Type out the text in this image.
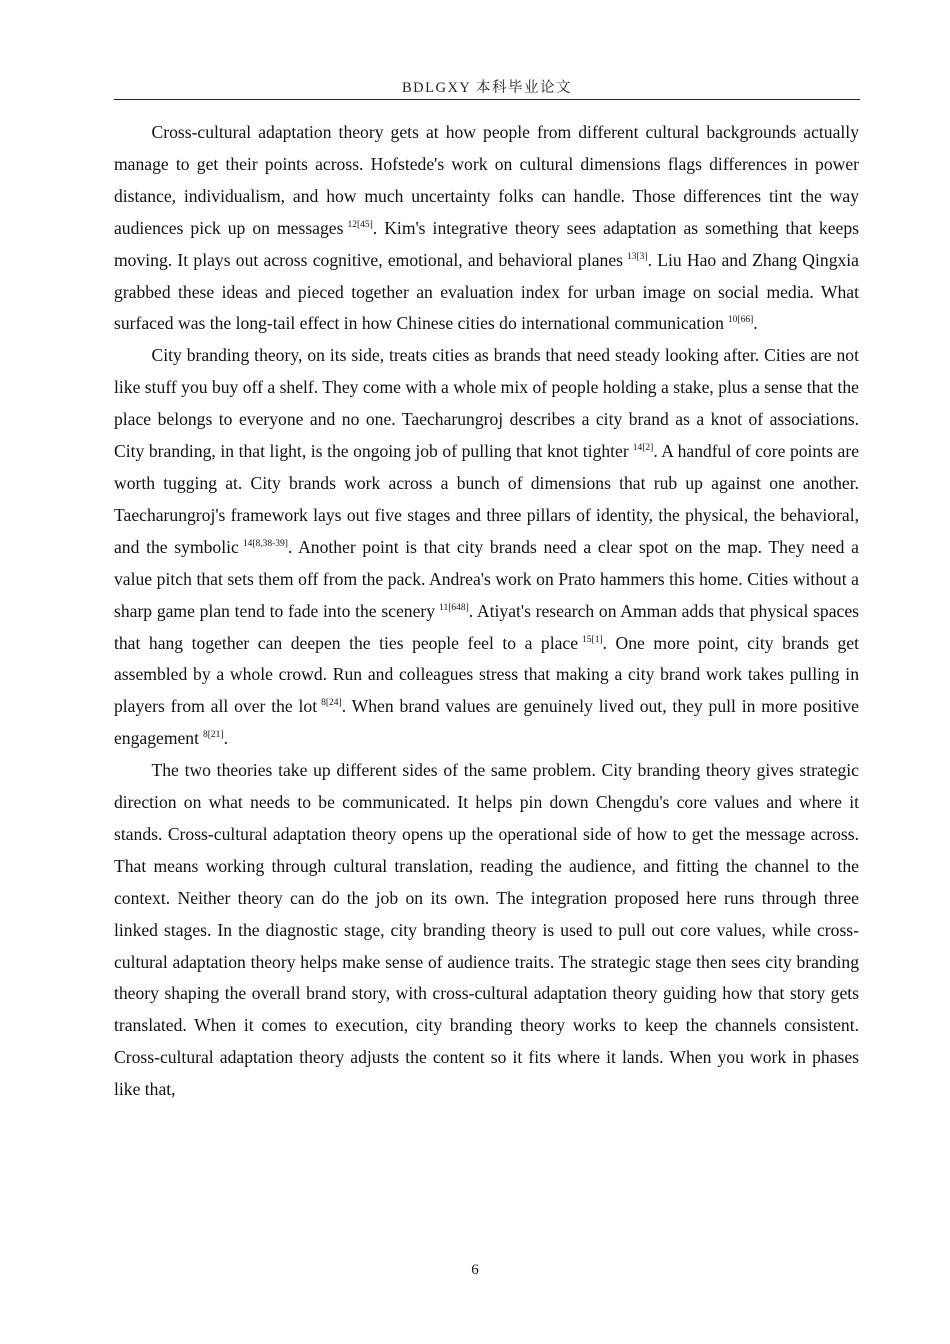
BDLGXY 本科毕业论文

Cross-cultural adaptation theory gets at how people from different cultural backgrounds actually manage to get their points across. Hofstede's work on cultural dimensions flags differences in power distance, individualism, and how much uncertainty folks can handle. Those differences tint the way audiences pick up on messages $^{12[45]}$. Kim's integrative theory sees adaptation as something that keeps moving. It plays out across cognitive, emotional, and behavioral planes $^{13[3]}$. Liu Hao and Zhang Qingxia grabbed these ideas and pieced together an evaluation index for urban image on social media. What surfaced was the long-tail effect in how Chinese cities do international communication $^{10[66]}$.

City branding theory, on its side, treats cities as brands that need steady looking after. Cities are not like stuff you buy off a shelf. They come with a whole mix of people holding a stake, plus a sense that the place belongs to everyone and no one. Taecharungroj describes a city brand as a knot of associations. City branding, in that light, is the ongoing job of pulling that knot tighter $^{14[2]}$. A handful of core points are worth tugging at. City brands work across a bunch of dimensions that rub up against one another. Taecharungroj's framework lays out five stages and three pillars of identity, the physical, the behavioral, and the symbolic $^{14[8,38-39]}$. Another point is that city brands need a clear spot on the map. They need a value pitch that sets them off from the pack. Andrea's work on Prato hammers this home. Cities without a sharp game plan tend to fade into the scenery $^{11[648]}$. Atiyat's research on Amman adds that physical spaces that hang together can deepen the ties people feel to a place $^{15[1]}$. One more point, city brands get assembled by a whole crowd. Run and colleagues stress that making a city brand work takes pulling in players from all over the lot $^{8[24]}$. When brand values are genuinely lived out, they pull in more positive engagement $^{8[21]}$.

The two theories take up different sides of the same problem. City branding theory gives strategic direction on what needs to be communicated. It helps pin down Chengdu's core values and where it stands. Cross-cultural adaptation theory opens up the operational side of how to get the message across. That means working through cultural translation, reading the audience, and fitting the channel to the context. Neither theory can do the job on its own. The integration proposed here runs through three linked stages. In the diagnostic stage, city branding theory is used to pull out core values, while cross-cultural adaptation theory helps make sense of audience traits. The strategic stage then sees city branding theory shaping the overall brand story, with cross-cultural adaptation theory guiding how that story gets translated. When it comes to execution, city branding theory works to keep the channels consistent. Cross-cultural adaptation theory adjusts the content so it fits where it lands. When you work in phases like that,

6
